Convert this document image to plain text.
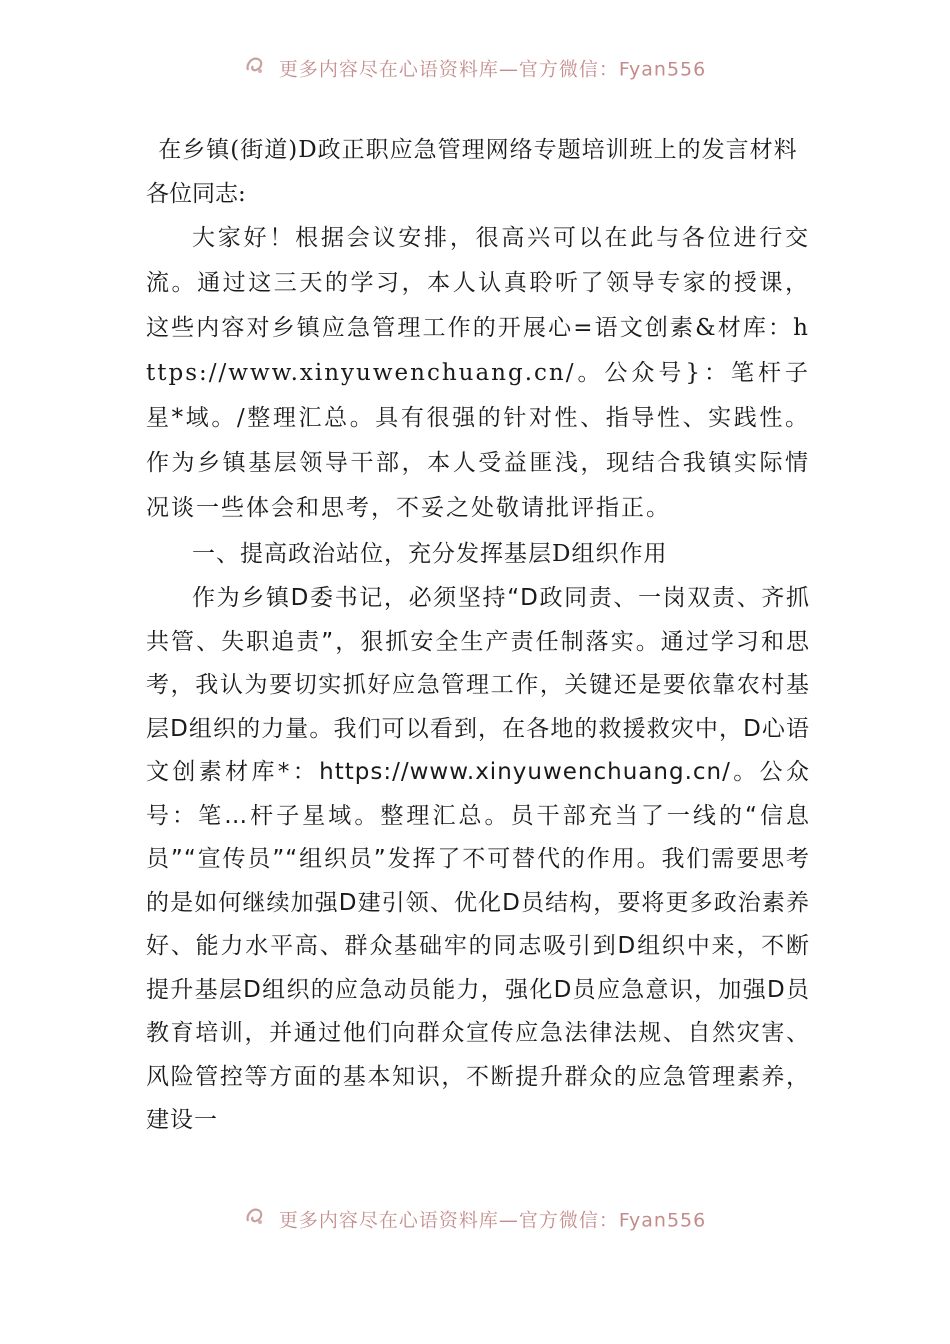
更多内容尽在心语资料库—官方微信：Fyan556

在乡镇(街道)D政正职应急管理网络专题培训班上的发言材料

各位同志:

大家好！根据会议安排，很高兴可以在此与各位进行交流。通过这三天的学习，本人认真聆听了领导专家的授课，这些内容对乡镇应急管理工作的开展心=语文创素&材库：https://www.xinyuwenchuang.cn/。公众号}：笔杆子星*域。/整理汇总。具有很强的针对性、指导性、实践性。作为乡镇基层领导干部，本人受益匪浅，现结合我镇实际情况谈一些体会和思考，不妥之处敬请批评指正。

一、提高政治站位，充分发挥基层D组织作用

作为乡镇D委书记，必须坚持“D政同责、一岗双责、齐抓共管、失职追责”，狠抓安全生产责任制落实。通过学习和思考，我认为要切实抓好应急管理工作，关键还是要依靠农村基层D组织的力量。我们可以看到，在各地的救援救灾中，D心语文创素材库*：https://www.xinyuwenchuang.cn/。公众号：笔…杆子星域。整理汇总。员干部充当了一线的“信息员”“宣传员”“组织员”发挥了不可替代的作用。我们需要思考的是如何继续加强D建引领、优化D员结构，要将更多政治素养好、能力水平高、群众基础牢的同志吸引到D组织中来，不断提升基层D组织的应急动员能力，强化D员应急意识，加强D员教育培训，并通过他们向群众宣传应急法律法规、自然灾害、风险管控等方面的基本知识，不断提升群众的应急管理素养，建设一

更多内容尽在心语资料库—官方微信：Fyan556
